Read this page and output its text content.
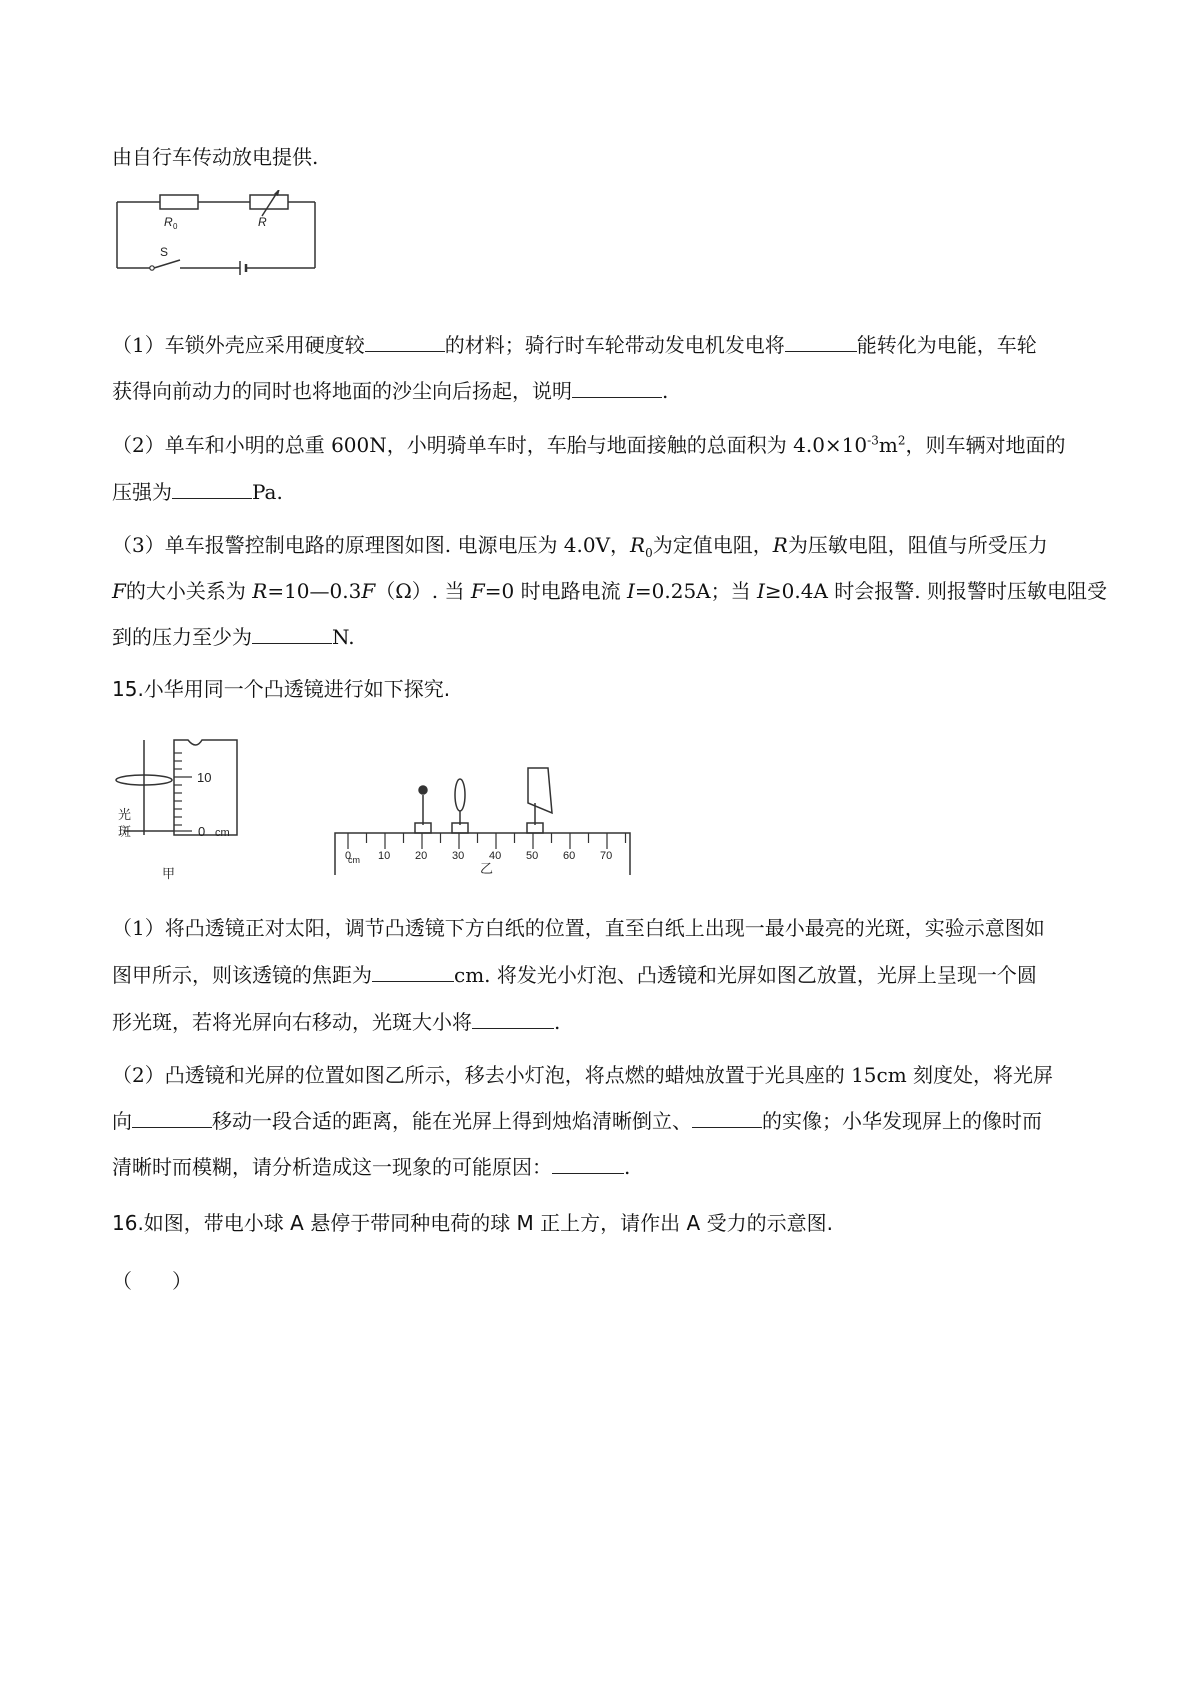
由自行车传动放电提供.
R 0	R
S
（1）车锁外壳应采用硬度较	的材料；骑行时车轮带动发电机发电将	能转化为电能，车轮
获得向前动力的同时也将地面的沙尘向后扬起，说明	.
（2）单车和小明的总重 600N，小明骑单车时，车胎与地面接触的总面积为 $4.0\times 10^{-3}m^2$，则车辆对地面的
压强为	Pa.
（3）单车报警控制电路的原理图如图. 电源电压为 4.0V，$R_0$为定值电阻，R为压敏电阻，阻值与所受压力
F的大小关系为 R=10—0.3F（Ω）. 当 F=0 时电路电流 I=0.25A；当 I≥0.4A 时会报警. 则报警时压敏电阻受
到的压力至少为	N.
15.小华用同一个凸透镜进行如下探究.
10
0 cm
光
斑
甲
0 10 20 30 40 50 60 70
cm
乙
（1）将凸透镜正对太阳，调节凸透镜下方白纸的位置，直至白纸上出现一最小最亮的光斑，实验示意图如
图甲所示，则该透镜的焦距为	cm. 将发光小灯泡、凸透镜和光屏如图乙放置，光屏上呈现一个圆
形光斑，若将光屏向右移动，光斑大小将	.
（2）凸透镜和光屏的位置如图乙所示，移去小灯泡，将点燃的蜡烛放置于光具座的 15cm 刻度处，将光屏
向	移动一段合适的距离，能在光屏上得到烛焰清晰倒立、	的实像；小华发现屏上的像时而
清晰时而模糊，请分析造成这一现象的可能原因：	.
16.如图，带电小球 A 悬停于带同种电荷的球 M 正上方，请作出 A 受力的示意图.
（　　）
